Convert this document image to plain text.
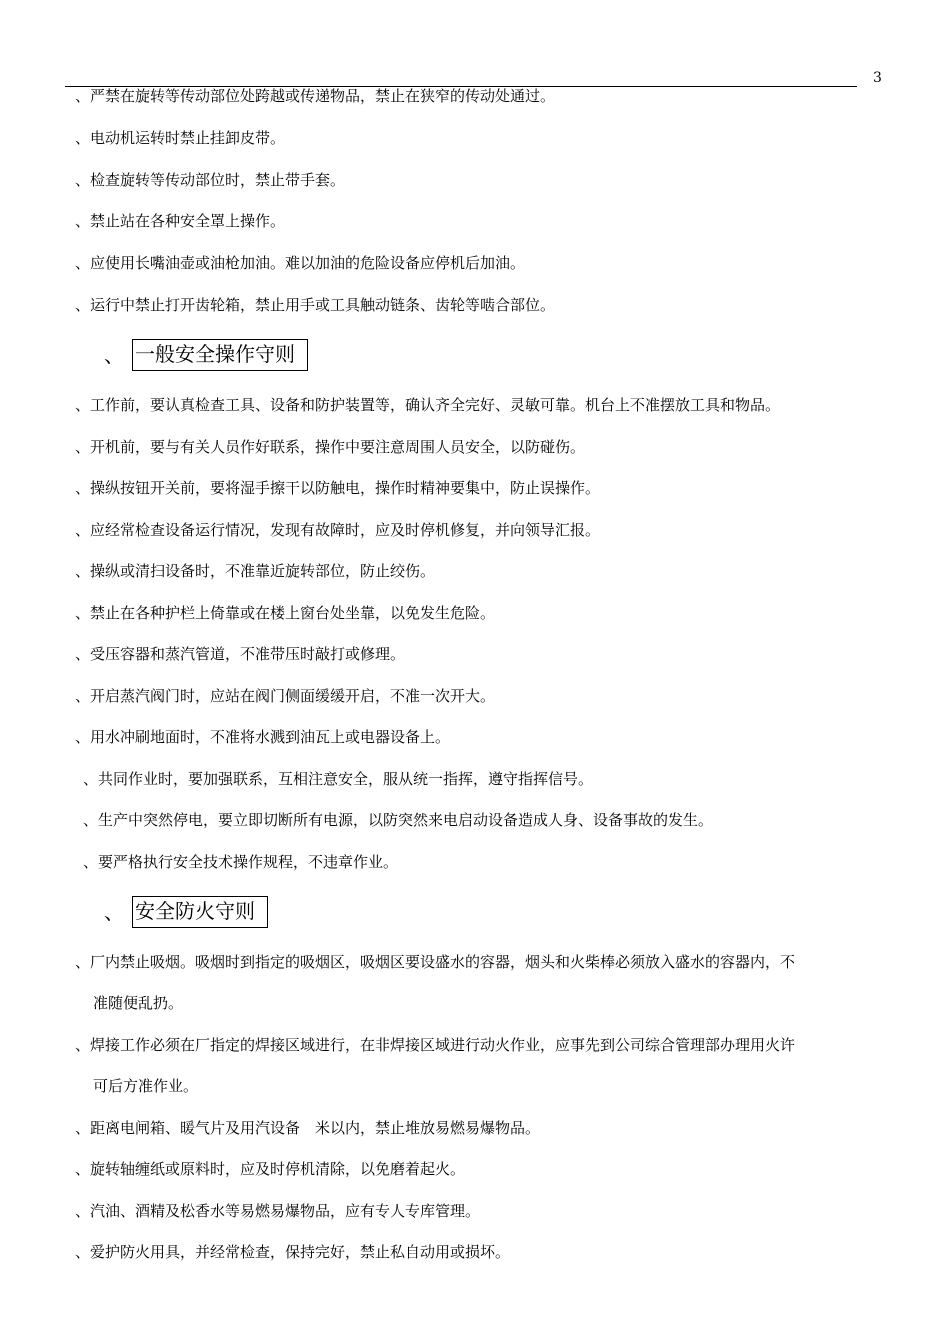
3
、严禁在旋转等传动部位处跨越或传递物品，禁止在狭窄的传动处通过。
、电动机运转时禁止挂卸皮带。
、检查旋转等传动部位时，禁止带手套。
、禁止站在各种安全罩上操作。
、应使用长嘴油壶或油枪加油。难以加油的危险设备应停机后加油。
、运行中禁止打开齿轮箱，禁止用手或工具触动链条、齿轮等啮合部位。
、 一般安全操作守则
、工作前，要认真检查工具、设备和防护装置等，确认齐全完好、灵敏可靠。机台上不准摆放工具和物品。
、开机前，要与有关人员作好联系，操作中要注意周围人员安全，以防碰伤。
、操纵按钮开关前，要将湿手擦干以防触电，操作时精神要集中，防止误操作。
、应经常检查设备运行情况，发现有故障时，应及时停机修复，并向领导汇报。
、操纵或清扫设备时，不准靠近旋转部位，防止绞伤。
、禁止在各种护栏上倚靠或在楼上窗台处坐靠，以免发生危险。
、受压容器和蒸汽管道，不准带压时敲打或修理。
、开启蒸汽阀门时，应站在阀门侧面缓缓开启，不准一次开大。
、用水冲刷地面时，不准将水溅到油瓦上或电器设备上。
、共同作业时，要加强联系，互相注意安全，服从统一指挥，遵守指挥信号。
、生产中突然停电，要立即切断所有电源，以防突然来电启动设备造成人身、设备事故的发生。
、要严格执行安全技术操作规程，不违章作业。
、 安全防火守则
、厂内禁止吸烟。吸烟时到指定的吸烟区，吸烟区要设盛水的容器，烟头和火柴棒必须放入盛水的容器内，不
准随便乱扔。
、焊接工作必须在厂指定的焊接区域进行，在非焊接区域进行动火作业，应事先到公司综合管理部办理用火许
可后方准作业。
、距离电闸箱、暖气片及用汽设备　米以内，禁止堆放易燃易爆物品。
、旋转轴缠纸或原料时，应及时停机清除，以免磨着起火。
、汽油、酒精及松香水等易燃易爆物品，应有专人专库管理。
、爱护防火用具，并经常检查，保持完好，禁止私自动用或损坏。
